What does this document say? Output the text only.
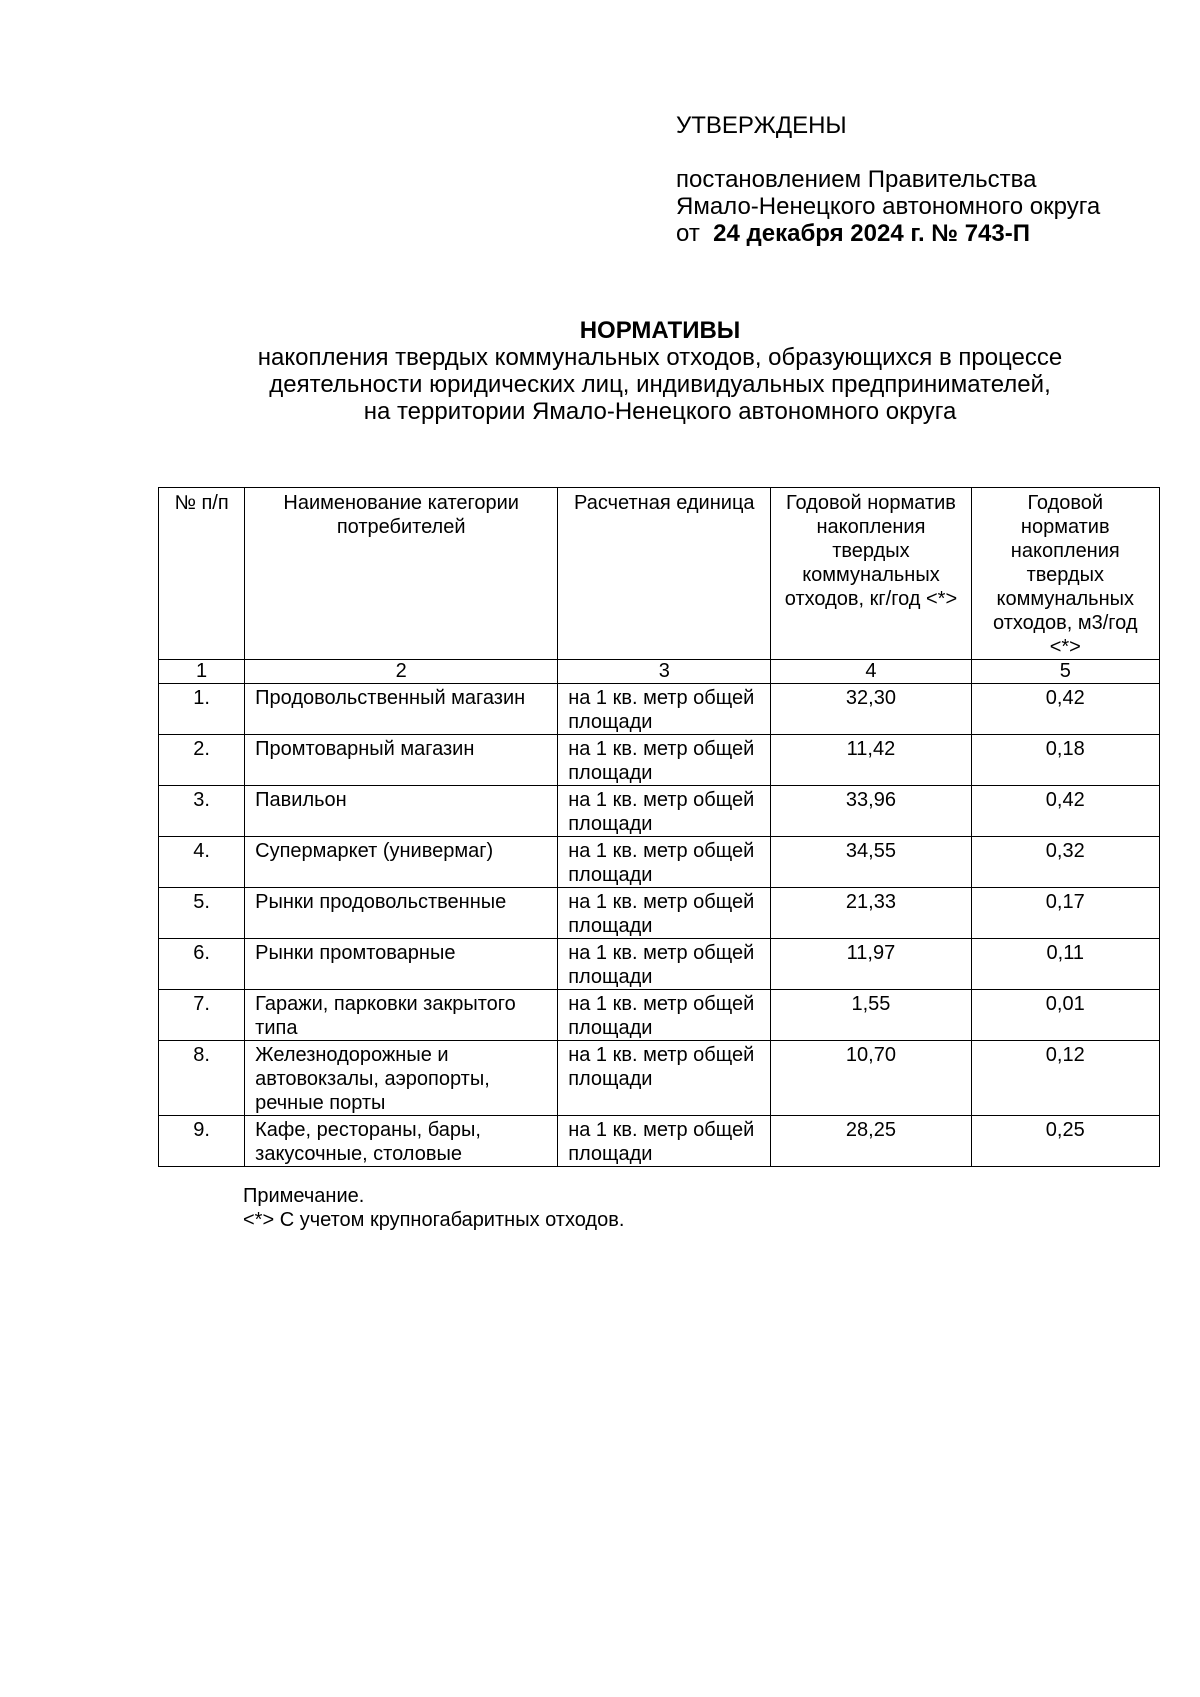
УТВЕРЖДЕНЫ
постановлением Правительства
Ямало-Ненецкого автономного округа
от 24 декабря 2024 г. № 743-П
НОРМАТИВЫ
накопления твердых коммунальных отходов, образующихся в процессе
деятельности юридических лиц, индивидуальных предпринимателей,
на территории Ямало-Ненецкого автономного округа
№ п/п	Наименование категории потребителей	Расчетная единица	Годовой норматив накопления твердых коммунальных отходов, кг/год <*>	Годовой норматив накопления твердых коммунальных отходов, м3/год <*>
1	2	3	4	5
1.	Продовольственный магазин	на 1 кв. метр общей площади	32,30	0,42
2.	Промтоварный магазин	на 1 кв. метр общей площади	11,42	0,18
3.	Павильон	на 1 кв. метр общей площади	33,96	0,42
4.	Супермаркет (универмаг)	на 1 кв. метр общей площади	34,55	0,32
5.	Рынки продовольственные	на 1 кв. метр общей площади	21,33	0,17
6.	Рынки промтоварные	на 1 кв. метр общей площади	11,97	0,11
7.	Гаражи, парковки закрытого типа	на 1 кв. метр общей площади	1,55	0,01
8.	Железнодорожные и автовокзалы, аэропорты, речные порты	на 1 кв. метр общей площади	10,70	0,12
9.	Кафе, рестораны, бары, закусочные, столовые	на 1 кв. метр общей площади	28,25	0,25
Примечание.
<*> С учетом крупногабаритных отходов.
